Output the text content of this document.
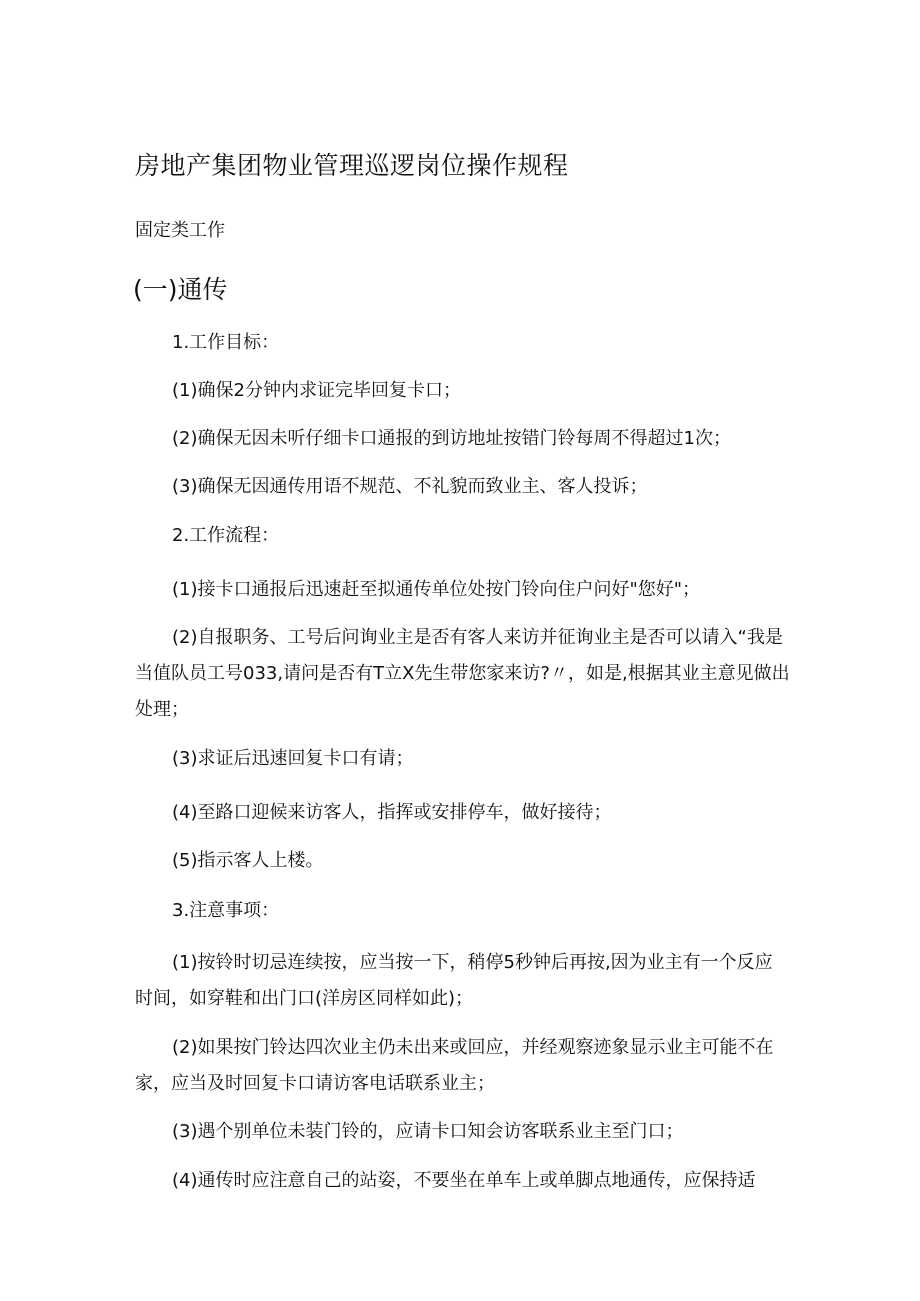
房地产集团物业管理巡逻岗位操作规程
固定类工作
(一)通传

1.工作目标：

(1)确保2分钟内求证完毕回复卡口；

(2)确保无因未听仔细卡口通报的到访地址按错门铃每周不得超过1次；

(3)确保无因通传用语不规范、不礼貌而致业主、客人投诉；

2.工作流程：

(1)接卡口通报后迅速赶至拟通传单位处按门铃向住户问好"您好"；

(2)自报职务、工号后问询业主是否有客人来访并征询业主是否可以请入“我是当值队员工号033,请问是否有T立X先生带您家来访?〃，如是,根据其业主意见做出处理；

(3)求证后迅速回复卡口有请；

(4)至路口迎候来访客人，指挥或安排停车，做好接待；

(5)指示客人上楼。

3.注意事项：

(1)按铃时切忌连续按，应当按一下，稍停5秒钟后再按,因为业主有一个反应时间，如穿鞋和出门口(洋房区同样如此)；

(2)如果按门铃达四次业主仍未出来或回应，并经观察迹象显示业主可能不在家，应当及时回复卡口请访客电话联系业主；

(3)遇个别单位未装门铃的，应请卡口知会访客联系业主至门口；

(4)通传时应注意自己的站姿，不要坐在单车上或单脚点地通传，应保持适
